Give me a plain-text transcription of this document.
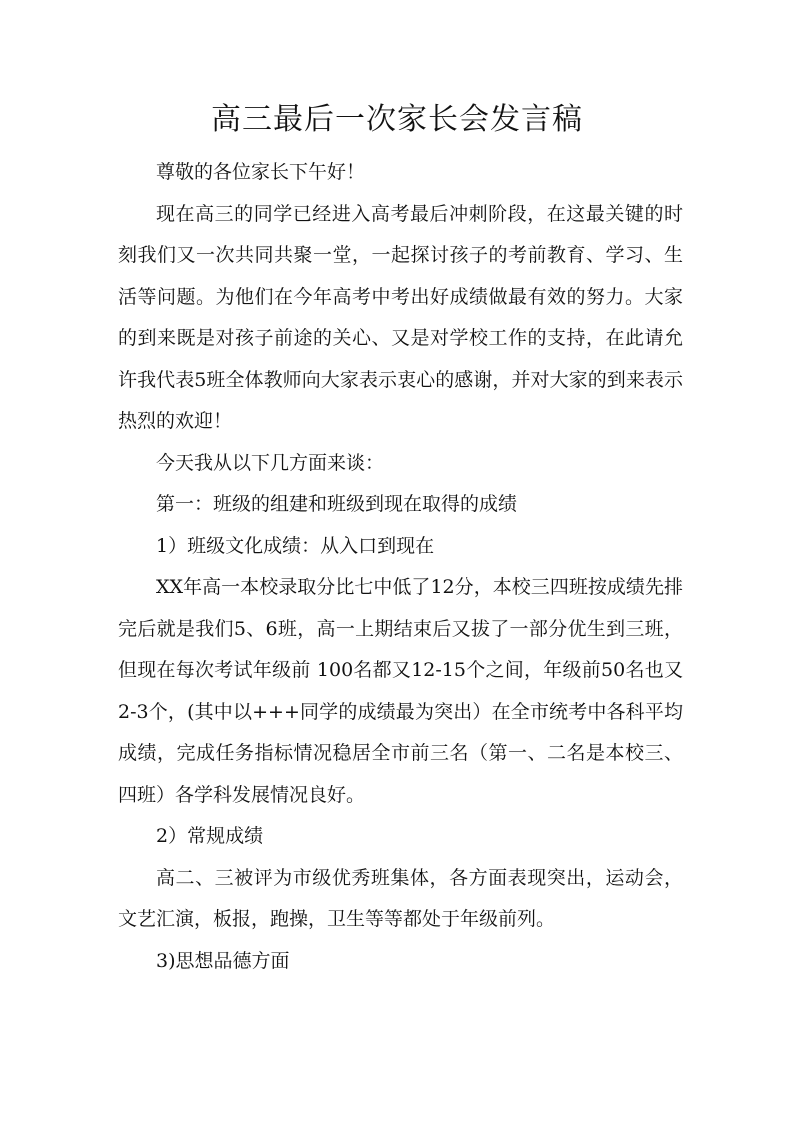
高三最后一次家长会发言稿

尊敬的各位家长下午好！

现在高三的同学已经进入高考最后冲刺阶段，在这最关键的时刻我们又一次共同共聚一堂，一起探讨孩子的考前教育、学习、生活等问题。为他们在今年高考中考出好成绩做最有效的努力。大家的到来既是对孩子前途的关心、又是对学校工作的支持，在此请允许我代表5班全体教师向大家表示衷心的感谢，并对大家的到来表示热烈的欢迎！

今天我从以下几方面来谈：

第一：班级的组建和班级到现在取得的成绩

1）班级文化成绩：从入口到现在

XX年高一本校录取分比七中低了12分，本校三四班按成绩先排完后就是我们5、6班，高一上期结束后又拔了一部分优生到三班，但现在每次考试年级前 100名都又12-15个之间，年级前50名也又2-3个，(其中以+++同学的成绩最为突出）在全市统考中各科平均成绩，完成任务指标情况稳居全市前三名（第一、二名是本校三、四班）各学科发展情况良好。

2）常规成绩

高二、三被评为市级优秀班集体，各方面表现突出，运动会，文艺汇演，板报，跑操，卫生等等都处于年级前列。

3)思想品德方面
